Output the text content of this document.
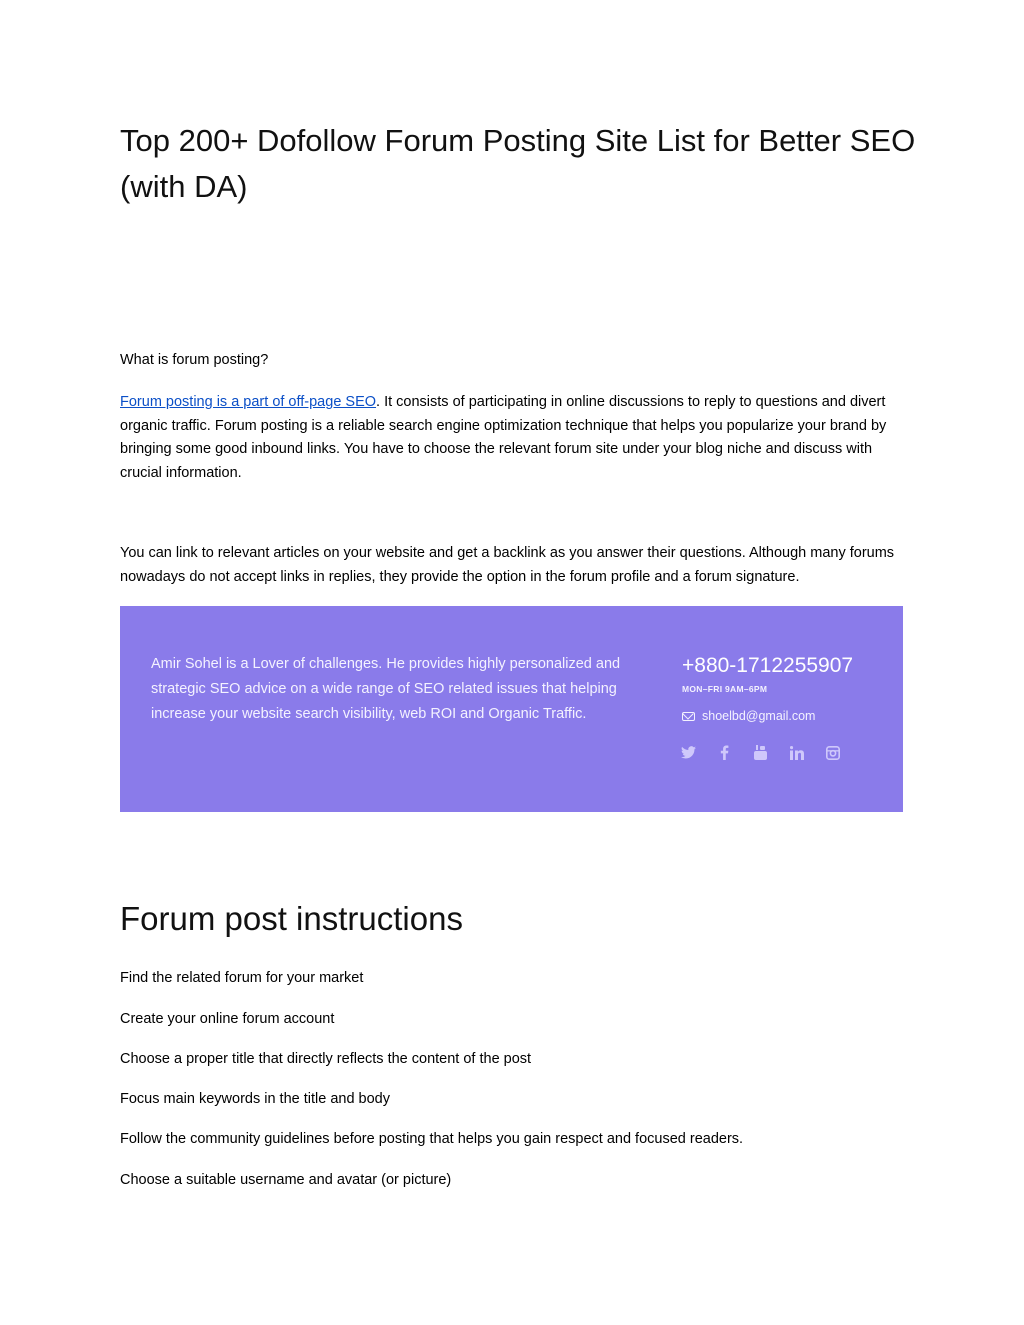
Top 200+ Dofollow Forum Posting Site List for Better SEO (with DA)

What is forum posting?

Forum posting is a part of off-page SEO. It consists of participating in online discussions to reply to questions and divert organic traffic. Forum posting is a reliable search engine optimization technique that helps you popularize your brand by bringing some good inbound links. You have to choose the relevant forum site under your blog niche and discuss with crucial information.

You can link to relevant articles on your website and get a backlink as you answer their questions. Although many forums nowadays do not accept links in replies, they provide the option in the forum profile and a forum signature.

Amir Sohel is a Lover of challenges. He provides highly personalized and strategic SEO advice on a wide range of SEO related issues that helping increase your website search visibility, web ROI and Organic Traffic.

+880-1712255907

MON–FRI 9AM–6PM

shoelbd@gmail.com
Forum post instructions

Find the related forum for your market

Create your online forum account

Choose a proper title that directly reflects the content of the post

Focus main keywords in the title and body

Follow the community guidelines before posting that helps you gain respect and focused readers.

Choose a suitable username and avatar (or picture)
